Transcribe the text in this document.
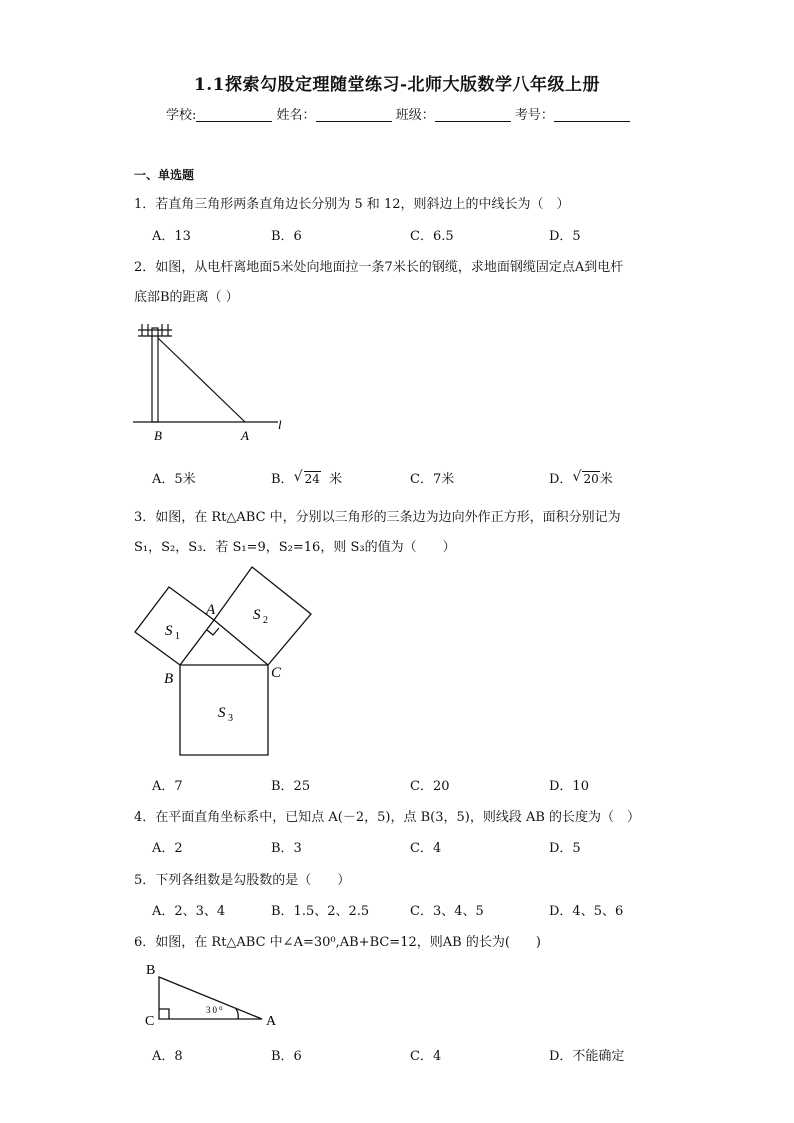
1.1探索勾股定理随堂练习-北师大版数学八年级上册
学校:	姓名：	班级：	考号：
一、单选题
1．若直角三角形两条直角边长分别为 5 和 12，则斜边上的中线长为（　）
A．13	B．6	C．6.5	D．5
2．如图，从电杆离地面5米处向地面拉一条7米长的钢缆，求地面钢缆固定点A到电杆
底部B的距离（ ）
B	A
l
A．5米	B． √ 24 米	C．7米	D． √ 20米
3．如图，在 Rt△ABC 中，分别以三角形的三条边为边向外作正方形，面积分别记为
S₁，S₂，S₃．若 S₁=9，S₂=16，则 S₃的值为（　　）
A
B	C
S 1
S 2
S 3
A．7	B．25	C．20	D．10
4．在平面直角坐标系中，已知点 A(－2，5)，点 B(3，5)，则线段 AB 的长度为（　）
A．2	B．3	C．4	D．5
5．下列各组数是勾股数的是（　　）
A．2、3、4	B．1.5、2、2.5	C．3、4、5	D．4、5、6
6．如图，在 Rt△ABC 中∠A=30⁰,AB+BC=12，则AB 的长为(　　)
B
C	A
30⁰
A．8	B．6	C．4	D．不能确定
